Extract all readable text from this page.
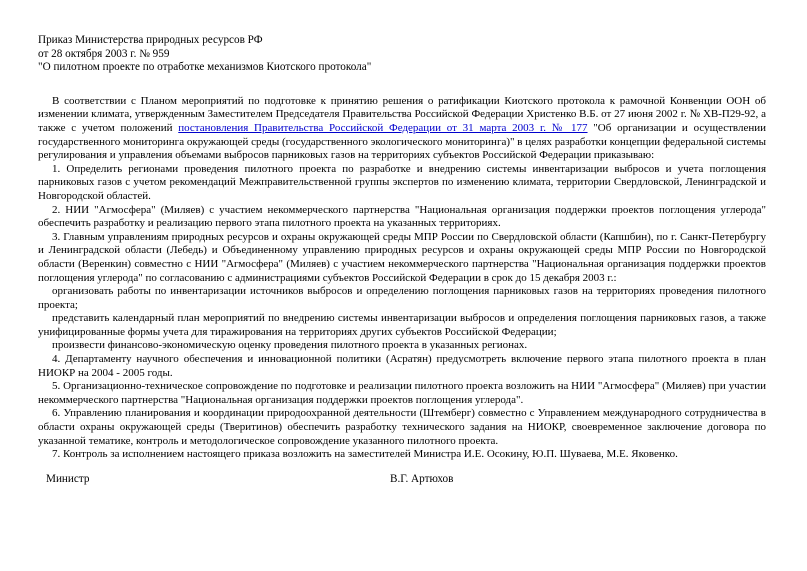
Приказ Министерства природных ресурсов РФ
от 28 октября 2003 г. № 959
"О пилотном проекте по отработке механизмов Киотского протокола"

В соответствии с Планом мероприятий по подготовке к принятию решения о ратификации Киотского протокола к рамочной Конвенции ООН об изменении климата, утвержденным Заместителем Председателя Правительства Российской Федерации Христенко В.Б. от 27 июня 2002 г. № ХВ-П29-92, а также с учетом положений постановления Правительства Российской Федерации от 31 марта 2003 г. № 177 "Об организации и осуществлении государственного мониторинга окружающей среды (государственного экологического мониторинга)" в целях разработки концепции федеральной системы регулирования и управления объемами выбросов парниковых газов на территориях субъектов Российской Федерации приказываю:

1. Определить регионами проведения пилотного проекта по разработке и внедрению системы инвентаризации выбросов и учета поглощения парниковых газов с учетом рекомендаций Межправительственной группы экспертов по изменению климата, территории Свердловской, Ленинградской и Новгородской областей.

2. НИИ "Агмосфера" (Миляев) с участием некоммерческого партнерства "Национальная организация поддержки проектов поглощения углерода" обеспечить разработку и реализацию первого этапа пилотного проекта на указанных территориях.

3. Главным управлениям природных ресурсов и охраны окружающей среды МПР России по Свердловской области (Капшбин), по г. Санкт-Петербургу и Ленинградской области (Лебедь) и Объединенному управлению природных ресурсов и охраны окружающей среды МПР России по Новгородской области (Веренкин) совместно с НИИ "Агмосфера" (Миляев) с участием некоммерческого партнерства "Национальная организация поддержки проектов поглощения углерода" по согласованию с администрациями субъектов Российской Федерации в срок до 15 декабря 2003 г.:

организовать работы по инвентаризации источников выбросов и определению поглощения парниковых газов на территориях проведения пилотного проекта;

представить календарный план мероприятий по внедрению системы инвентаризации выбросов и определения поглощения парниковых газов, а также унифицированные формы учета для тиражирования на территориях других субъектов Российской Федерации;

произвести финансово-экономическую оценку проведения пилотного проекта в указанных регионах.

4. Департаменту научного обеспечения и инновационной политики (Асратян) предусмотреть включение первого этапа пилотного проекта в план НИОКР на 2004 - 2005 годы.

5. Организационно-техническое сопровождение по подготовке и реализации пилотного проекта возложить на НИИ "Агмосфера" (Миляев) при участии некоммерческого партнерства "Национальная организация поддержки проектов поглощения углерода".

6. Управлению планирования и координации природоохранной деятельности (Штемберг) совместно с Управлением международного сотрудничества в области охраны окружающей среды (Тверитинов) обеспечить разработку технического задания на НИОКР, своевременное заключение договора по указанной тематике, контроль и методологическое сопровождение указанного пилотного проекта.

7. Контроль за исполнением настоящего приказа возложить на заместителей Министра И.Е. Осокину, Ю.П. Шуваева, М.Е. Яковенко.

Министр	В.Г. Артюхов
